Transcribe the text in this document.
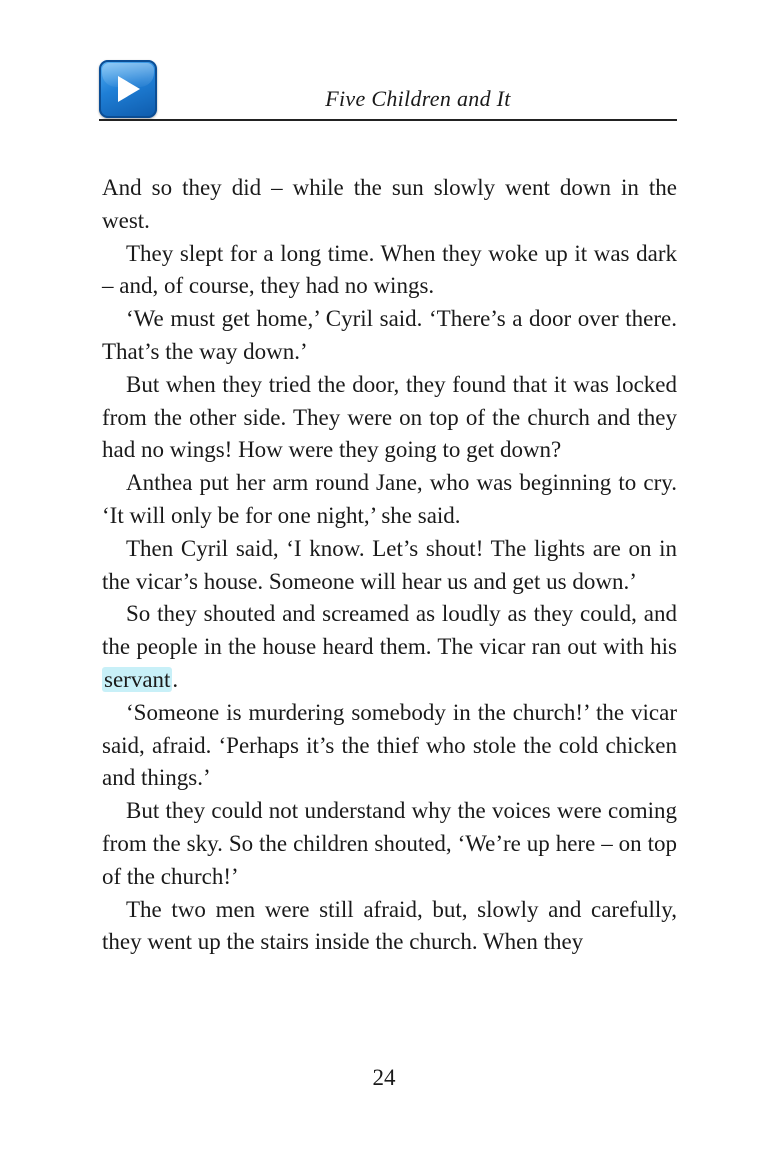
Five Children and It

And so they did – while the sun slowly went down in the west.

They slept for a long time. When they woke up it was dark – and, of course, they had no wings.

‘We must get home,’ Cyril said. ‘There’s a door over there. That’s the way down.’

But when they tried the door, they found that it was locked from the other side. They were on top of the church and they had no wings! How were they going to get down?

Anthea put her arm round Jane, who was beginning to cry. ‘It will only be for one night,’ she said.

Then Cyril said, ‘I know. Let’s shout! The lights are on in the vicar’s house. Someone will hear us and get us down.’

So they shouted and screamed as loudly as they could, and the people in the house heard them. The vicar ran out with his servant.

‘Someone is murdering somebody in the church!’ the vicar said, afraid. ‘Perhaps it’s the thief who stole the cold chicken and things.’

But they could not understand why the voices were coming from the sky. So the children shouted, ‘We’re up here – on top of the church!’

The two men were still afraid, but, slowly and carefully, they went up the stairs inside the church. When they

24
